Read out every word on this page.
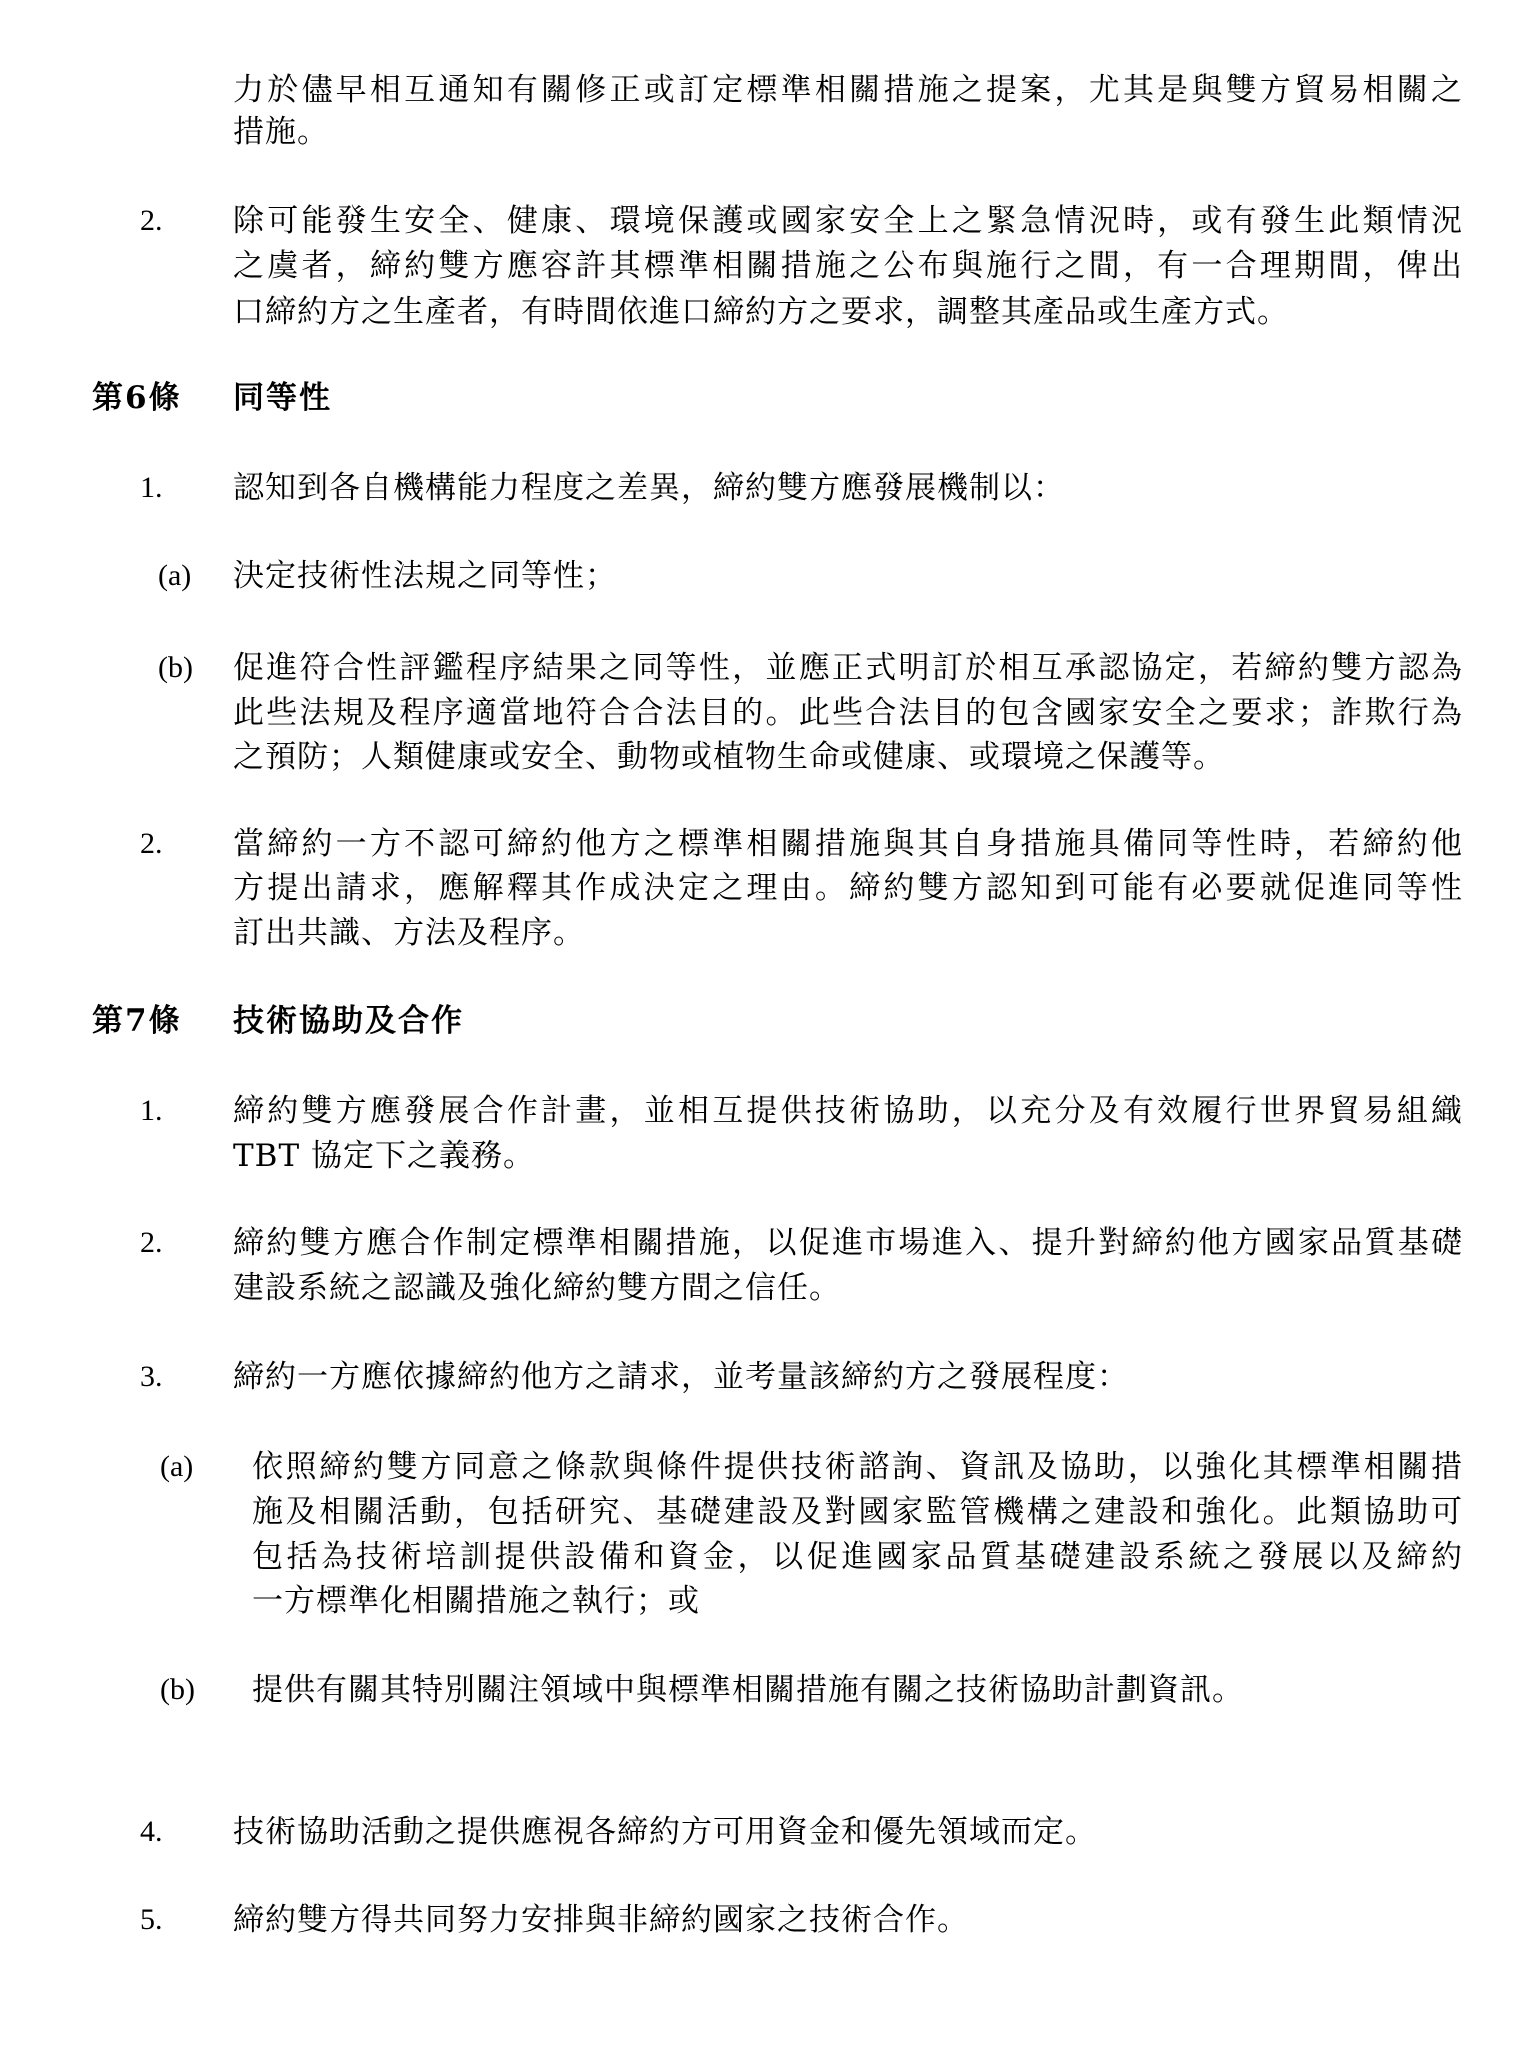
力於儘早相互通知有關修正或訂定標準相關措施之提案，尤其是與雙方貿易相關之
措施。
2. 除可能發生安全、健康、環境保護或國家安全上之緊急情況時，或有發生此類情況
之虞者，締約雙方應容許其標準相關措施之公布與施行之間，有一合理期間，俾出
口締約方之生產者，有時間依進口締約方之要求，調整其產品或生產方式。
第6條	同等性
1. 認知到各自機構能力程度之差異，締約雙方應發展機制以：
(a) 決定技術性法規之同等性；
(b) 促進符合性評鑑程序結果之同等性，並應正式明訂於相互承認協定，若締約雙方認為
此些法規及程序適當地符合合法目的。此些合法目的包含國家安全之要求；詐欺行為
之預防；人類健康或安全、動物或植物生命或健康、或環境之保護等。
2. 當締約一方不認可締約他方之標準相關措施與其自身措施具備同等性時，若締約他
方提出請求，應解釋其作成決定之理由。締約雙方認知到可能有必要就促進同等性
訂出共識、方法及程序。
第7條	技術協助及合作
1. 締約雙方應發展合作計畫，並相互提供技術協助，以充分及有效履行世界貿易組織
TBT 協定下之義務。
2. 締約雙方應合作制定標準相關措施，以促進市場進入、提升對締約他方國家品質基礎
建設系統之認識及強化締約雙方間之信任。
3. 締約一方應依據締約他方之請求，並考量該締約方之發展程度：
(a) 依照締約雙方同意之條款與條件提供技術諮詢、資訊及協助，以強化其標準相關措
施及相關活動，包括研究、基礎建設及對國家監管機構之建設和強化。此類協助可
包括為技術培訓提供設備和資金，以促進國家品質基礎建設系統之發展以及締約
一方標準化相關措施之執行；或
(b) 提供有關其特別關注領域中與標準相關措施有關之技術協助計劃資訊。
4. 技術協助活動之提供應視各締約方可用資金和優先領域而定。
5. 締約雙方得共同努力安排與非締約國家之技術合作。
